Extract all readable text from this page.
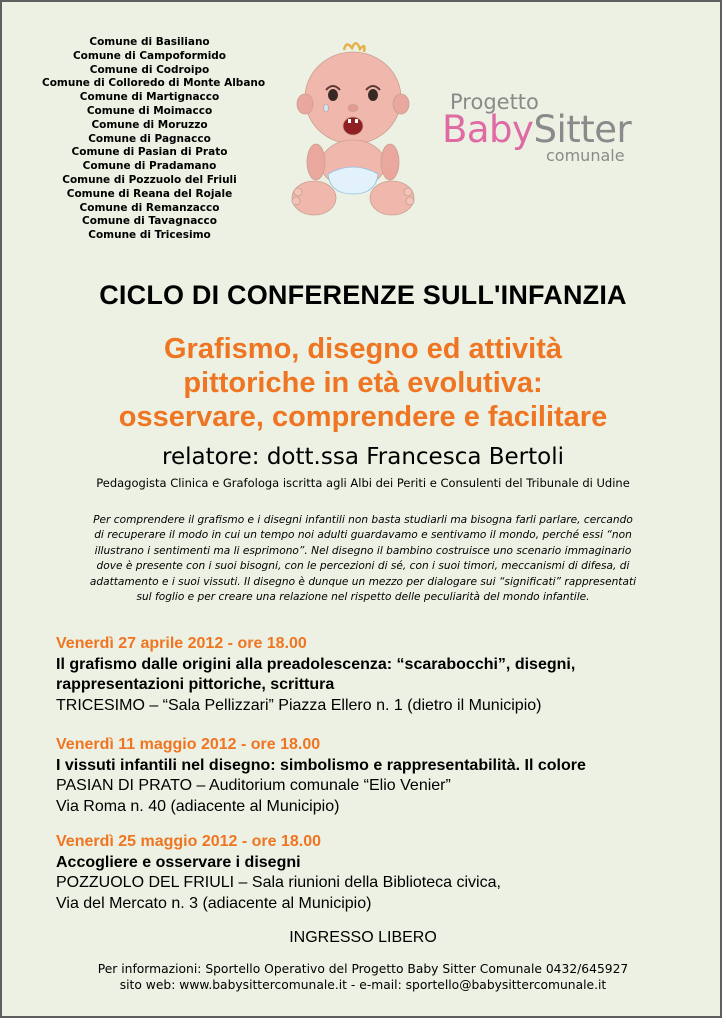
Comune di Basiliano
Comune di Campoformido
Comune di Codroipo
Comune di Colloredo di Monte Albano
Comune di Martignacco
Comune di Moimacco
Comune di Moruzzo
Comune di Pagnacco
Comune di Pasian di Prato
Comune di Pradamano
Comune di Pozzuolo del Friuli
Comune di Reana del Rojale
Comune di Remanzacco
Comune di Tavagnacco
Comune di Tricesimo
Progetto
BabySitter
comunale
CICLO DI CONFERENZE SULL'INFANZIA
Grafismo, disegno ed attività
pittoriche in età evolutiva:
osservare, comprendere e facilitare
relatore: dott.ssa Francesca Bertoli
Pedagogista Clinica e Grafologa iscritta agli Albi dei Periti e Consulenti del Tribunale di Udine
Per comprendere il grafismo e i disegni infantili non basta studiarli ma bisogna farli parlare, cercando
di recuperare il modo in cui un tempo noi adulti guardavamo e sentivamo il mondo, perché essi “non
illustrano i sentimenti ma li esprimono”. Nel disegno il bambino costruisce uno scenario immaginario
dove è presente con i suoi bisogni, con le percezioni di sé, con i suoi timori, meccanismi di difesa, di
adattamento e i suoi vissuti. Il disegno è dunque un mezzo per dialogare sui “significati” rappresentati
sul foglio e per creare una relazione nel rispetto delle peculiarità del mondo infantile.
Venerdì 27 aprile 2012 - ore 18.00
Il grafismo dalle origini alla preadolescenza: “scarabocchi”, disegni,
rappresentazioni pittoriche, scrittura
TRICESIMO – “Sala Pellizzari” Piazza Ellero n. 1 (dietro il Municipio)
Venerdì 11 maggio 2012 - ore 18.00
I vissuti infantili nel disegno: simbolismo e rappresentabilità. Il colore
PASIAN DI PRATO – Auditorium comunale “Elio Venier”
Via Roma n. 40 (adiacente al Municipio)
Venerdì 25 maggio 2012 - ore 18.00
Accogliere e osservare i disegni
POZZUOLO DEL FRIULI – Sala riunioni della Biblioteca civica,
Via del Mercato n. 3 (adiacente al Municipio)
INGRESSO LIBERO
Per informazioni: Sportello Operativo del Progetto Baby Sitter Comunale 0432/645927
sito web: www.babysittercomunale.it - e-mail: sportello@babysittercomunale.it
